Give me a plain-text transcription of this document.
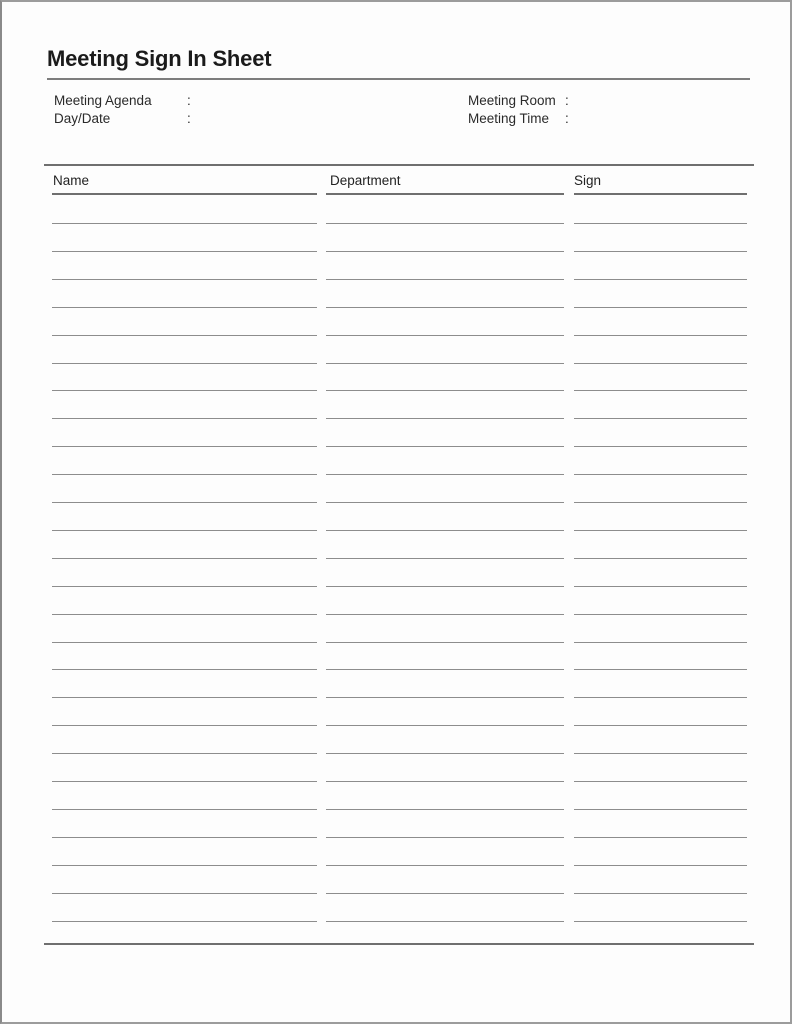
Meeting Sign In Sheet
Meeting Agenda	:	Meeting Room :
Day/Date	:	Meeting Time :
Name	Department	Sign
